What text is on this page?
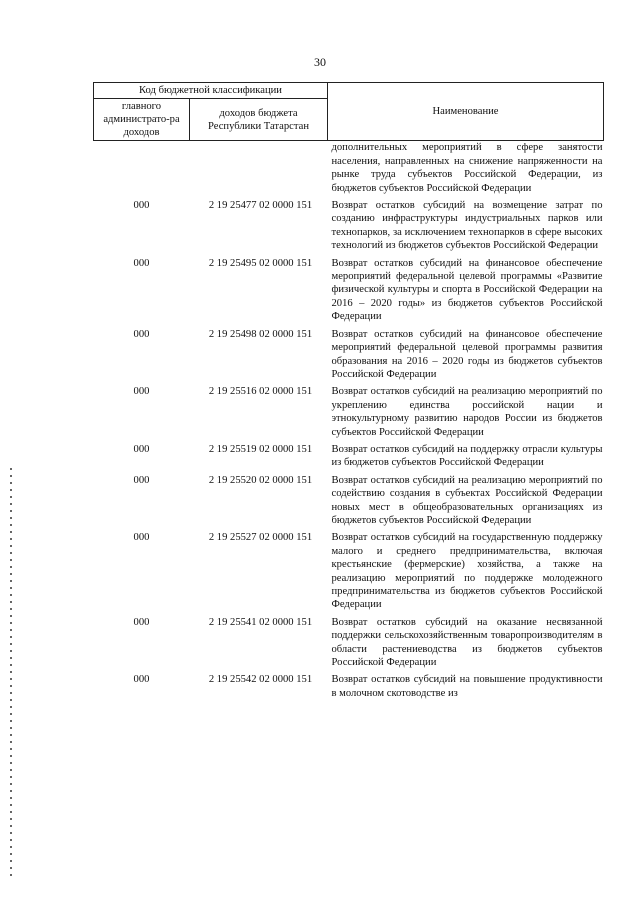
30
Код бюджетной классификации		Наименование
главного администрато-ра доходов	доходов бюджета Республики Татарстан	
		дополнительных мероприятий в сфере занятости населения, направленных на снижение напряженности на рынке труда субъектов Российской Федерации, из бюджетов субъектов Российской Федерации
000	2 19 25477 02 0000 151	Возврат остатков субсидий на возмещение затрат по созданию инфраструктуры индустриальных парков или технопарков, за исключением технопарков в сфере высоких технологий из бюджетов субъектов Российской Федерации
000	2 19 25495 02 0000 151	Возврат остатков субсидий на финансовое обеспечение мероприятий федеральной целевой программы «Развитие физической культуры и спорта в Российской Федерации на 2016 – 2020 годы» из бюджетов субъектов Российской Федерации
000	2 19 25498 02 0000 151	Возврат остатков субсидий на финансовое обеспечение мероприятий федеральной целевой программы развития образования на 2016 – 2020 годы из бюджетов субъектов Российской Федерации
000	2 19 25516 02 0000 151	Возврат остатков субсидий на реализацию мероприятий по укреплению единства российской нации и этнокультурному развитию народов России из бюджетов субъектов Российской Федерации
000	2 19 25519 02 0000 151	Возврат остатков субсидий на поддержку отрасли культуры из бюджетов субъектов Российской Федерации
000	2 19 25520 02 0000 151	Возврат остатков субсидий на реализацию мероприятий по содействию создания в субъектах Российской Федерации новых мест в общеобразовательных организациях из бюджетов субъектов Российской Федерации
000	2 19 25527 02 0000 151	Возврат остатков субсидий на государственную поддержку малого и среднего предпринимательства, включая крестьянские (фермерские) хозяйства, а также на реализацию мероприятий по поддержке молодежного предпринимательства из бюджетов субъектов Российской Федерации
000	2 19 25541 02 0000 151	Возврат остатков субсидий на оказание несвязанной поддержки сельскохозяйственным товаропроизводителям в области растениеводства из бюджетов субъектов Российской Федерации
000	2 19 25542 02 0000 151	Возврат остатков субсидий на повышение продуктивности в молочном скотоводстве из
